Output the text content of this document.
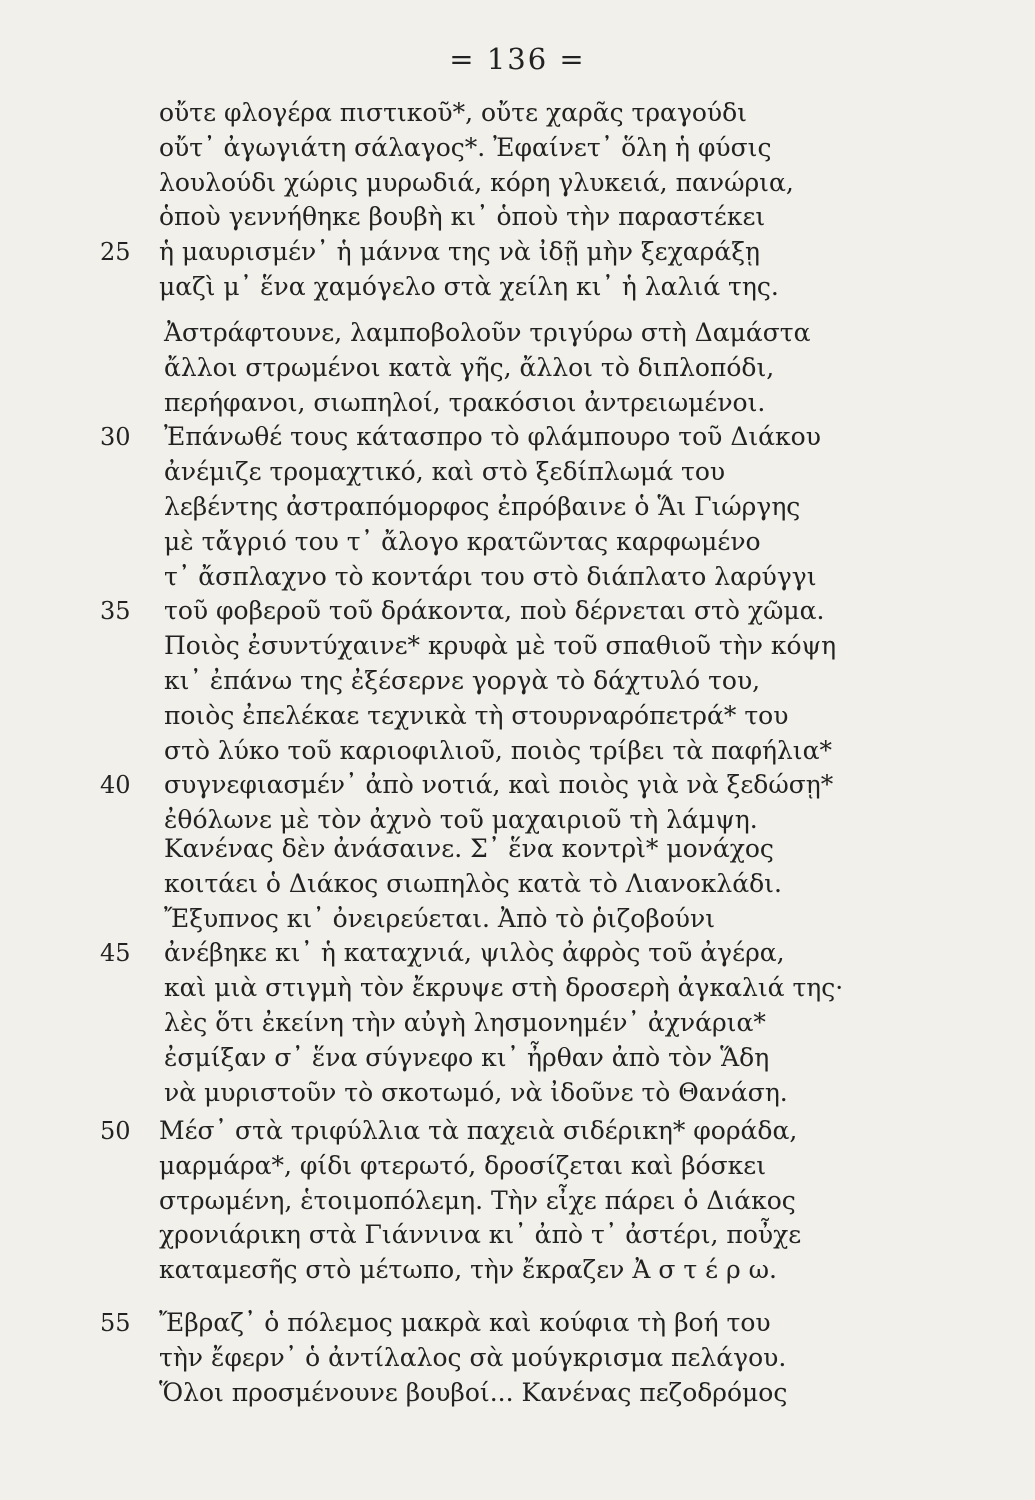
= 136 =
οὔτε φλογέρα πιστικοῦ*, οὔτε χαρᾶς τραγούδι
οὔτ᾽ ἀγωγιάτη σάλαγος*. Ἐφαίνετ᾽ ὅλη ἡ φύσις
λουλούδι χώρις μυρωδιά, κόρη γλυκειά, πανώρια,
ὁποὺ γεννήθηκε βουβὴ κι᾽ ὁποὺ τὴν παραστέκει
25	ἡ μαυρισμέν᾽ ἡ μάννα της νὰ ἰδῇ μὴν ξεχαράξῃ
μαζὶ μ᾽ ἕνα χαμόγελο στὰ χείλη κι᾽ ἡ λαλιά της.
Ἀστράφτουνε, λαμποβολοῦν τριγύρω στὴ Δαμάστα
ἄλλοι στρωμένοι κατὰ γῆς, ἄλλοι τὸ διπλοπόδι,
περήφανοι, σιωπηλοί, τρακόσιοι ἀντρειωμένοι.
30	Ἐπάνωθέ τους κάτασπρο τὸ φλάμπουρο τοῦ Διάκου
ἀνέμιζε τρομαχτικό, καὶ στὸ ξεδίπλωμά του
λεβέντης ἀστραπόμορφος ἐπρόβαινε ὁ Ἅι Γιώργης
μὲ τἄγριό του τ᾽ ἄλογο κρατῶντας καρφωμένο
τ᾽ ἄσπλαχνο τὸ κοντάρι του στὸ διάπλατο λαρύγγι
35	τοῦ φοβεροῦ τοῦ δράκοντα, ποὺ δέρνεται στὸ χῶμα.
Ποιὸς ἐσυντύχαινε* κρυφὰ μὲ τοῦ σπαθιοῦ τὴν κόψη
κι᾽ ἐπάνω της ἐξέσερνε γοργὰ τὸ δάχτυλό του,
ποιὸς ἐπελέκαε τεχνικὰ τὴ στουρναρόπετρά* του
στὸ λύκο τοῦ καριοφιλιοῦ, ποιὸς τρίβει τὰ παφήλια*
40	συγνεφιασμέν᾽ ἀπὸ νοτιά, καὶ ποιὸς γιὰ νὰ ξεδώσῃ*
ἐθόλωνε μὲ τὸν ἀχνὸ τοῦ μαχαιριοῦ τὴ λάμψη.
Κανένας δὲν ἀνάσαινε. Σ᾽ ἕνα κοντρὶ* μονάχος
κοιτάει ὁ Διάκος σιωπηλὸς κατὰ τὸ Λιανοκλάδι.
Ἔξυπνος κι᾽ ὀνειρεύεται. Ἀπὸ τὸ ῥιζοβούνι
45	ἀνέβηκε κι᾽ ἡ καταχνιά, ψιλὸς ἀφρὸς τοῦ ἀγέρα,
καὶ μιὰ στιγμὴ τὸν ἔκρυψε στὴ δροσερὴ ἀγκαλιά της·
λὲς ὅτι ἐκείνη τὴν αὐγὴ λησμονημέν᾽ ἀχνάρια*
ἐσμίξαν σ᾽ ἕνα σύγνεφο κι᾽ ἦρθαν ἀπὸ τὸν Ἅδη
νὰ μυριστοῦν τὸ σκοτωμό, νὰ ἰδοῦνε τὸ Θανάση.
50	Μέσ᾽ στὰ τριφύλλια τὰ παχειὰ σιδέρικη* φοράδα,
μαρμάρα*, φίδι φτερωτό, δροσίζεται καὶ βόσκει
στρωμένη, ἑτοιμοπόλεμη. Τὴν εἶχε πάρει ὁ Διάκος
χρονιάρικη στὰ Γιάννινα κι᾽ ἀπὸ τ᾽ ἀστέρι, ποὖχε
καταμεσῆς στὸ μέτωπο, τὴν ἔκραζεν Ἀ σ τ έ ρ ω.
55	Ἔβραζ᾽ ὁ πόλεμος μακρὰ καὶ κούφια τὴ βοή του
τὴν ἔφερν᾽ ὁ ἀντίλαλος σὰ μούγκρισμα πελάγου.
Ὅλοι προσμένουνε βουβοί... Κανένας πεζοδρόμος
